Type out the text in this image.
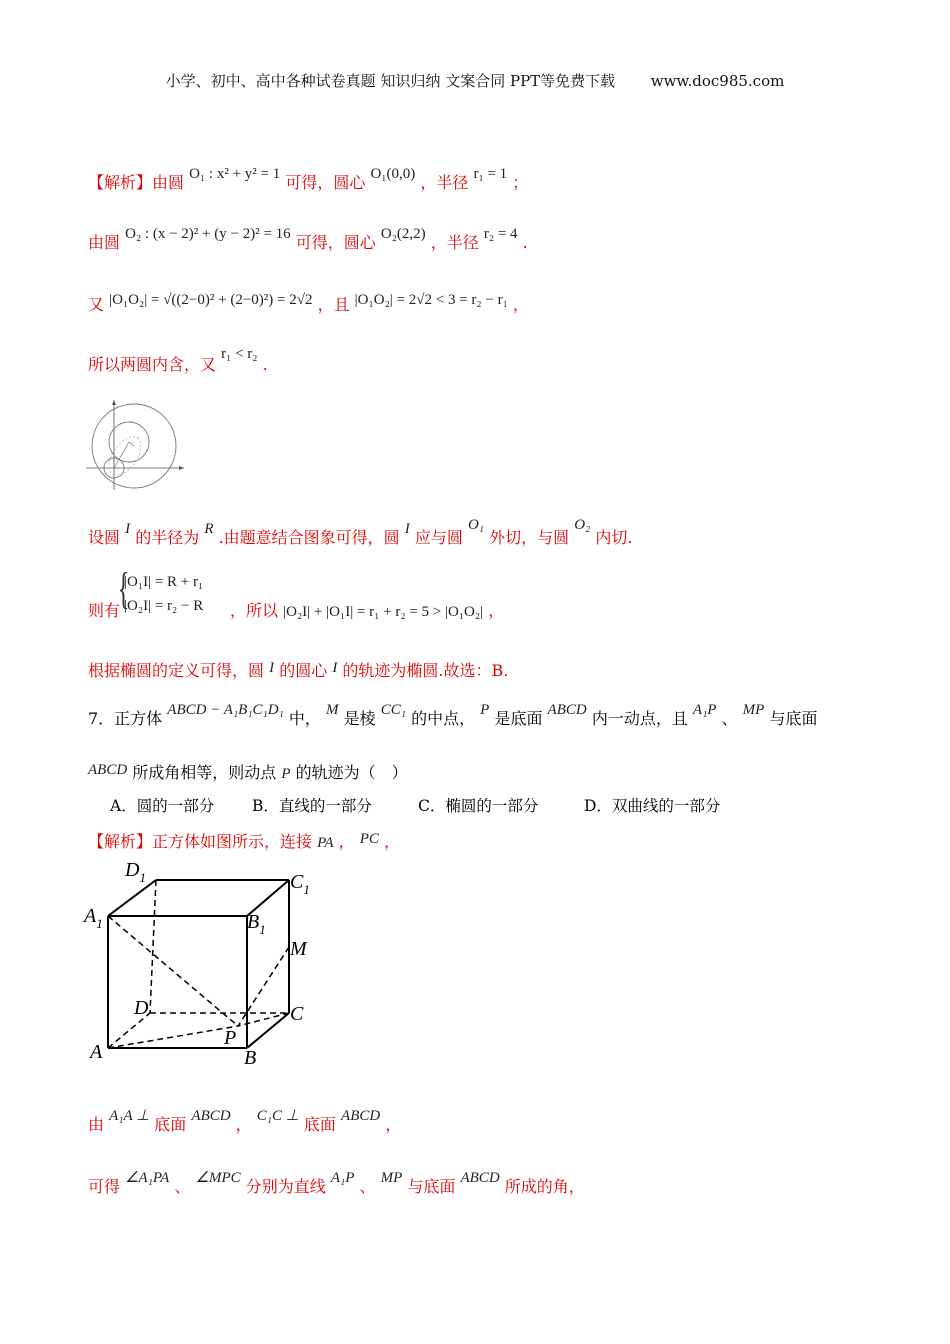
小学、初中、高中各种试卷真题 知识归纳 文案合同 PPT等免费下载 www.doc985.com
【解析】由圆 O₁ : x² + y² = 1 可得，圆心 O₁(0,0) ，半径 r₁ = 1 ；
由圆 O₂ : (x − 2)² + (y − 2)² = 16 可得，圆心 O₂(2,2) ，半径 r₂ = 4 .
又 |O₁O₂| = √((2−0)² + (2−0)²) = 2√2 ，且 |O₁O₂| = 2√2 < 3 = r₂ − r₁ ，
所以两圆内含，又 r₁ < r₂ .
设圆 I 的半径为 R .由题意结合图象可得，圆 I 应与圆 O₁ 外切，与圆 O₂ 内切.
则有
{
|O₁I| = R + r₁
|O₂I| = r₂ − R ，所以 |O₂I| + |O₁I| = r₁ + r₂ = 5 > |O₁O₂| ，
根据椭圆的定义可得，圆 I 的圆心 I 的轨迹为椭圆.故选：B.
7．正方体 ABCD − A₁B₁C₁D₁ 中， M 是棱 CC₁ 的中点， P 是底面 ABCD 内一动点，且 A₁P 、 MP 与底面
ABCD 所成角相等，则动点 P 的轨迹为（　）
A．圆的一部分 B．直线的一部分	C．椭圆的一部分	D．双曲线的一部分
【解析】正方体如图所示，连接 PA ， PC ，
$D_1$	$C_1$
$A_1$	$B_1$
M
D	C
P
A	B
由 A₁A ⊥ 底面 ABCD ， C₁C ⊥ 底面 ABCD ，
可得 ∠A₁PA 、 ∠MPC 分别为直线 A₁P 、 MP 与底面 ABCD 所成的角，
